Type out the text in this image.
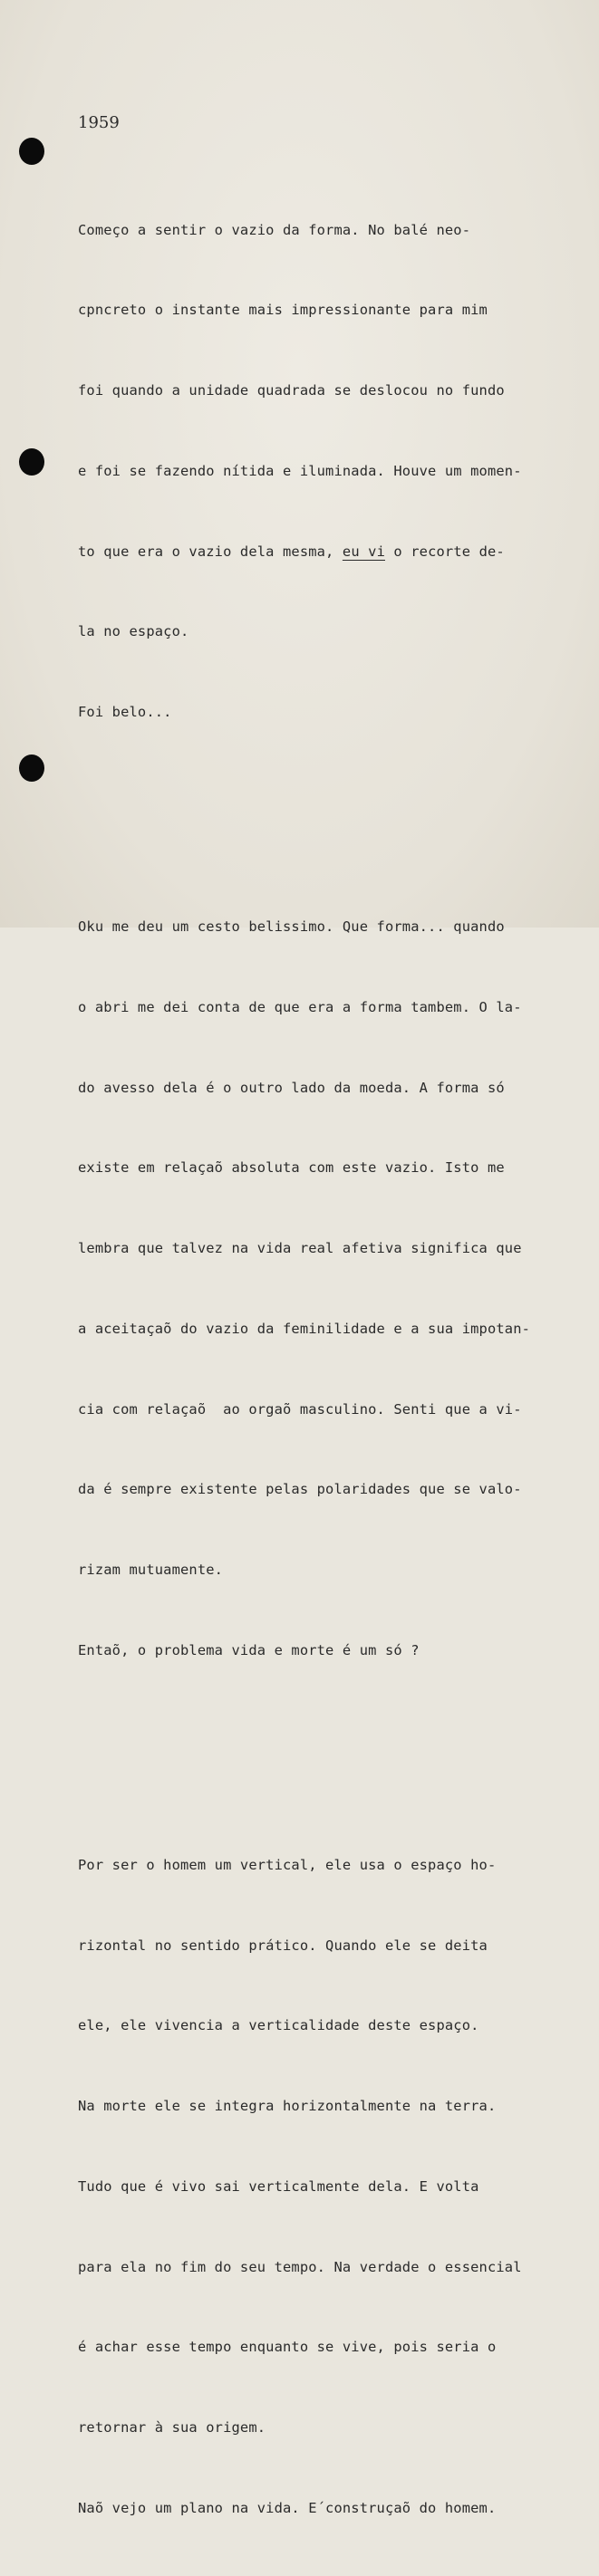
1959

Começo a sentir o vazio da forma. No balé neo-

cpncreto o instante mais impressionante para mim

foi quando a unidade quadrada se deslocou no fundo

e foi se fazendo nítida e iluminada. Houve um momen-

to que era o vazio dela mesma, eu vi o recorte de-

la no espaço.

Foi belo...

Oku me deu um cesto belissimo. Que forma... quando

o abri me dei conta de que era a forma tambem. O la-

do avesso dela é o outro lado da moeda. A forma só

existe em relaçaõ absoluta com este vazio. Isto me

lembra que talvez na vida real afetiva significa que

a aceitaçaõ do vazio da feminilidade e a sua impotan-

cia com relaçaõ  ao orgaõ masculino. Senti que a vi-

da é sempre existente pelas polaridades que se valo-

rizam mutuamente.

Entaõ, o problema vida e morte é um só ?

Por ser o homem um vertical, ele usa o espaço ho-

rizontal no sentido prático. Quando ele se deita

ele, ele vivencia a verticalidade deste espaço.

Na morte ele se integra horizontalmente na terra.

Tudo que é vivo sai verticalmente dela. E volta

para ela no fim do seu tempo. Na verdade o essencial

é achar esse tempo enquanto se vive, pois seria o

retornar à sua origem.

Naõ vejo um plano na vida. E´construçaõ do homem.
